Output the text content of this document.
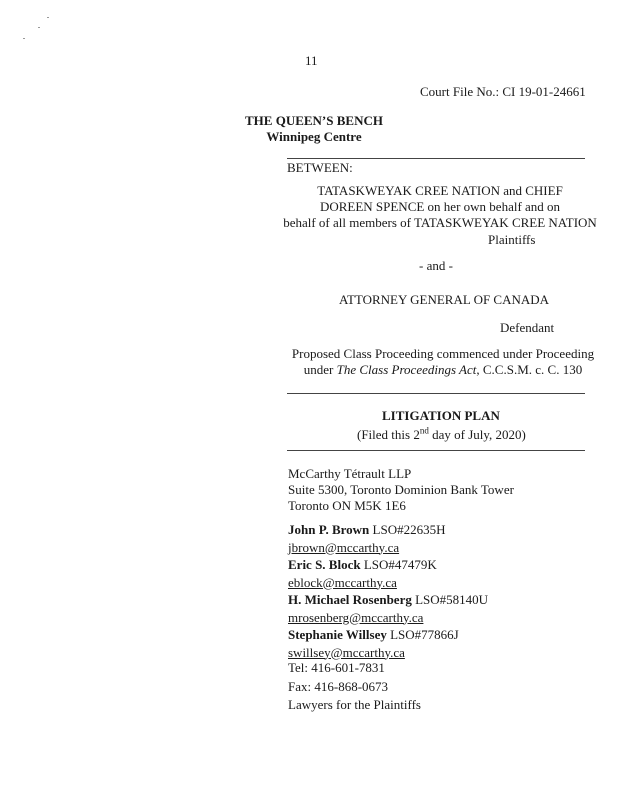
11
Court File No.: CI 19-01-24661
THE QUEEN’S BENCH
Winnipeg Centre
BETWEEN:
TATASKWEYAK CREE NATION and CHIEF
DOREEN SPENCE on her own behalf and on
behalf of all members of TATASKWEYAK CREE NATION
Plaintiffs
- and -
ATTORNEY GENERAL OF CANADA
Defendant
Proposed Class Proceeding commenced under Proceeding
under The Class Proceedings Act, C.C.S.M. c. C. 130
LITIGATION PLAN
(Filed this 2nd day of July, 2020)
McCarthy Tétrault LLP
Suite 5300, Toronto Dominion Bank Tower
Toronto ON M5K 1E6
John P. Brown LSO#22635H
jbrown@mccarthy.ca
Eric S. Block LSO#47479K
eblock@mccarthy.ca
H. Michael Rosenberg LSO#58140U
mrosenberg@mccarthy.ca
Stephanie Willsey LSO#77866J
swillsey@mccarthy.ca
Tel: 416-601-7831
Fax: 416-868-0673
Lawyers for the Plaintiffs
